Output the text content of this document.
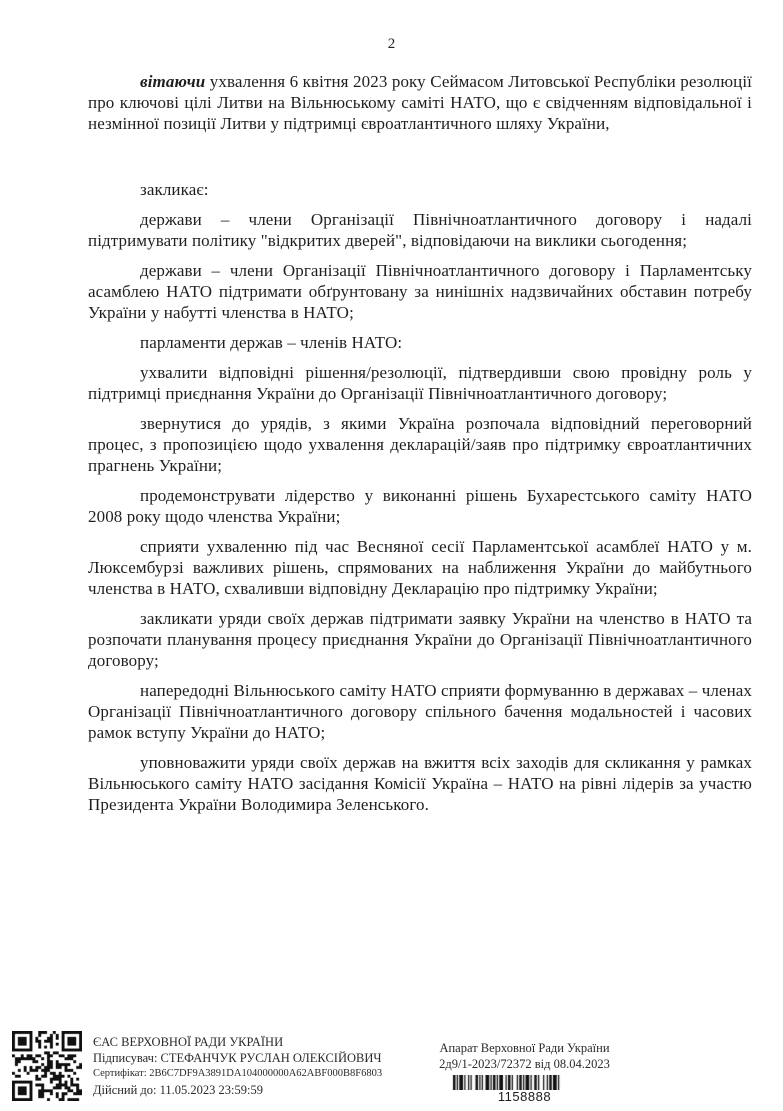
2

вітаючи ухвалення 6 квітня 2023 року Сеймасом Литовської Республіки резолюції про ключові цілі Литви на Вільнюському саміті НАТО, що є свідченням відповідальної і незмінної позиції Литви у підтримці євроатлантичного шляху України,

закликає:

держави – члени Організації Північноатлантичного договору і надалі підтримувати політику "відкритих дверей", відповідаючи на виклики сьогодення;

держави – члени Організації Північноатлантичного договору і Парламентську асамблею НАТО підтримати обґрунтовану за нинішніх надзвичайних обставин потребу України у набутті членства в НАТО;

парламенти держав – членів НАТО:

ухвалити відповідні рішення/резолюції, підтвердивши свою провідну роль у підтримці приєднання України до Організації Північноатлантичного договору;

звернутися до урядів, з якими Україна розпочала відповідний переговорний процес, з пропозицією щодо ухвалення декларацій/заяв про підтримку євроатлантичних прагнень України;

продемонструвати лідерство у виконанні рішень Бухарестського саміту НАТО 2008 року щодо членства України;

сприяти ухваленню під час Весняної сесії Парламентської асамблеї НАТО у м. Люксембурзі важливих рішень, спрямованих на наближення України до майбутнього членства в НАТО, схваливши відповідну Декларацію про підтримку України;

закликати уряди своїх держав підтримати заявку України на членство в НАТО та розпочати планування процесу приєднання України до Організації Північноатлантичного договору;

напередодні Вільнюського саміту НАТО сприяти формуванню в державах – членах Організації Північноатлантичного договору спільного бачення модальностей і часових рамок вступу України до НАТО;

уповноважити уряди своїх держав на вжиття всіх заходів для скликання у рамках Вільнюського саміту НАТО засідання Комісії Україна – НАТО на рівні лідерів за участю Президента України Володимира Зеленського.

ЄАС ВЕРХОВНОЇ РАДИ УКРАЇНИ
Підписувач: СТЕФАНЧУК РУСЛАН ОЛЕКСІЙОВИЧ
Сертифікат: 2B6C7DF9A3891DA104000000A62ABF000B8F6803
Дійсний до: 11.05.2023 23:59:59
Апарат Верховної Ради України
2д9/1-2023/72372 від 08.04.2023
1158888
